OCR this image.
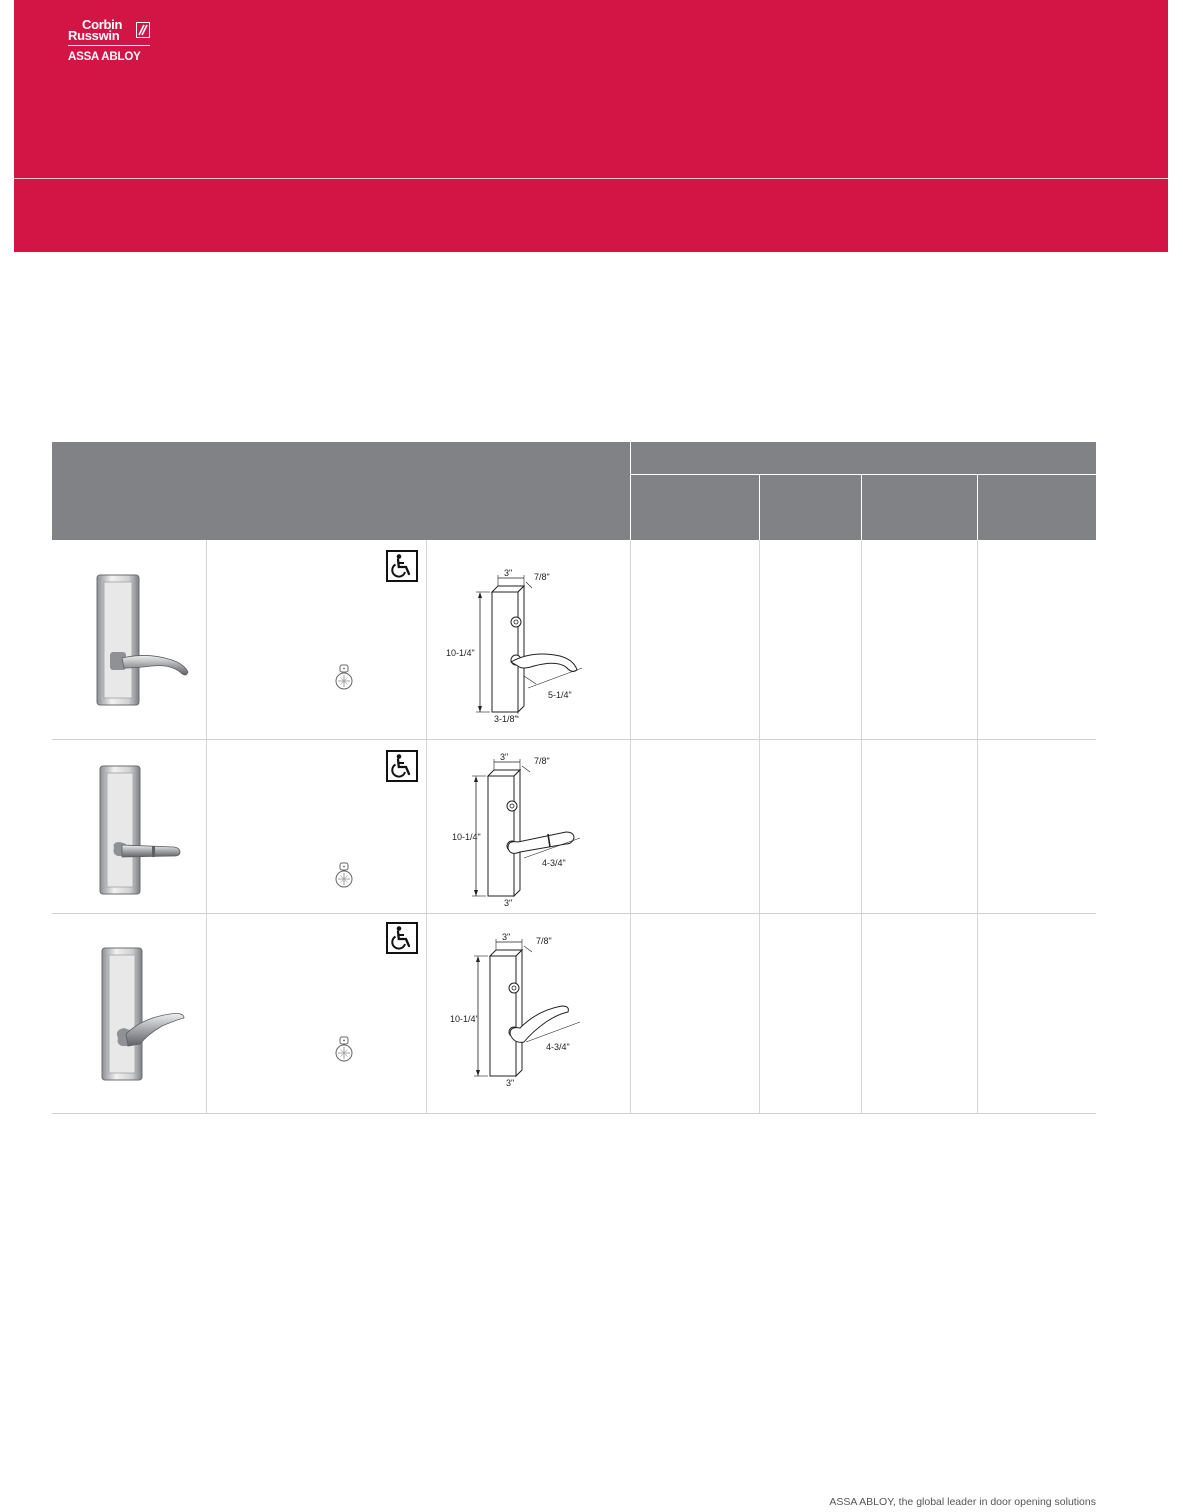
Corbin
Russwin
ASSA ABLOY
3" 7/8"
10-1/4"
5-1/4"
3-1/8"
3"	7/8"
10-1/4"
4-3/4"
3"
3"	7/8"
10-1/4"
4-3/4"
3"
ASSA ABLOY, the global leader in door opening solutions
